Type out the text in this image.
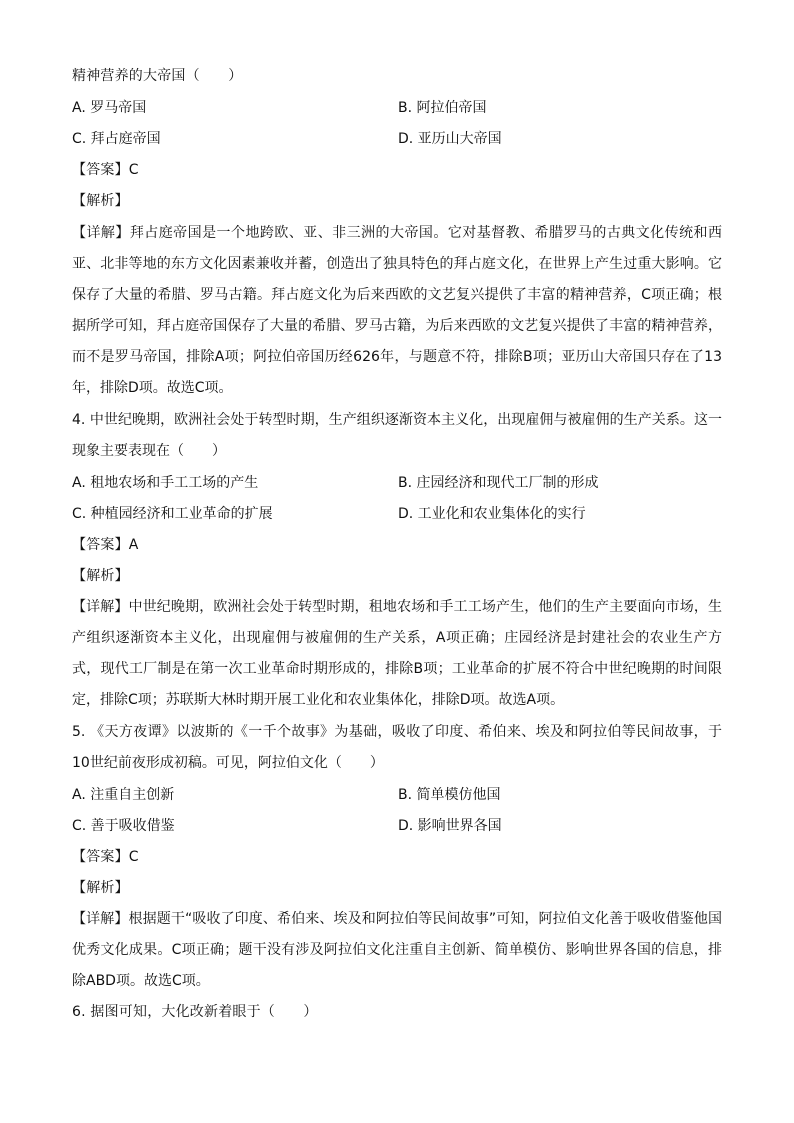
精神营养的大帝国（　　）
A. 罗马帝国	B. 阿拉伯帝国
C. 拜占庭帝国	D. 亚历山大帝国
【答案】C
【解析】
【详解】拜占庭帝国是一个地跨欧、亚、非三洲的大帝国。它对基督教、希腊罗马的古典文化传统和西亚、北非等地的东方文化因素兼收并蓄，创造出了独具特色的拜占庭文化，在世界上产生过重大影响。它保存了大量的希腊、罗马古籍。拜占庭文化为后来西欧的文艺复兴提供了丰富的精神营养，C项正确；根据所学可知，拜占庭帝国保存了大量的希腊、罗马古籍，为后来西欧的文艺复兴提供了丰富的精神营养，而不是罗马帝国，排除A项；阿拉伯帝国历经626年，与题意不符，排除B项；亚历山大帝国只存在了13年，排除D项。故选C项。
4. 中世纪晚期，欧洲社会处于转型时期，生产组织逐渐资本主义化，出现雇佣与被雇佣的生产关系。这一现象主要表现在（　　）
A. 租地农场和手工工场的产生	B. 庄园经济和现代工厂制的形成
C. 种植园经济和工业革命的扩展	D. 工业化和农业集体化的实行
【答案】A
【解析】
【详解】中世纪晚期，欧洲社会处于转型时期，租地农场和手工工场产生，他们的生产主要面向市场，生产组织逐渐资本主义化，出现雇佣与被雇佣的生产关系，A项正确；庄园经济是封建社会的农业生产方式，现代工厂制是在第一次工业革命时期形成的，排除B项；工业革命的扩展不符合中世纪晚期的时间限定，排除C项；苏联斯大林时期开展工业化和农业集体化，排除D项。故选A项。
5. 《天方夜谭》以波斯的《一千个故事》为基础，吸收了印度、希伯来、埃及和阿拉伯等民间故事，于10世纪前夜形成初稿。可见，阿拉伯文化（　　）
A. 注重自主创新	B. 简单模仿他国
C. 善于吸收借鉴	D. 影响世界各国
【答案】C
【解析】
【详解】根据题干“吸收了印度、希伯来、埃及和阿拉伯等民间故事”可知，阿拉伯文化善于吸收借鉴他国优秀文化成果。C项正确；题干没有涉及阿拉伯文化注重自主创新、简单模仿、影响世界各国的信息，排除ABD项。故选C项。
6. 据图可知，大化改新着眼于（　　）
